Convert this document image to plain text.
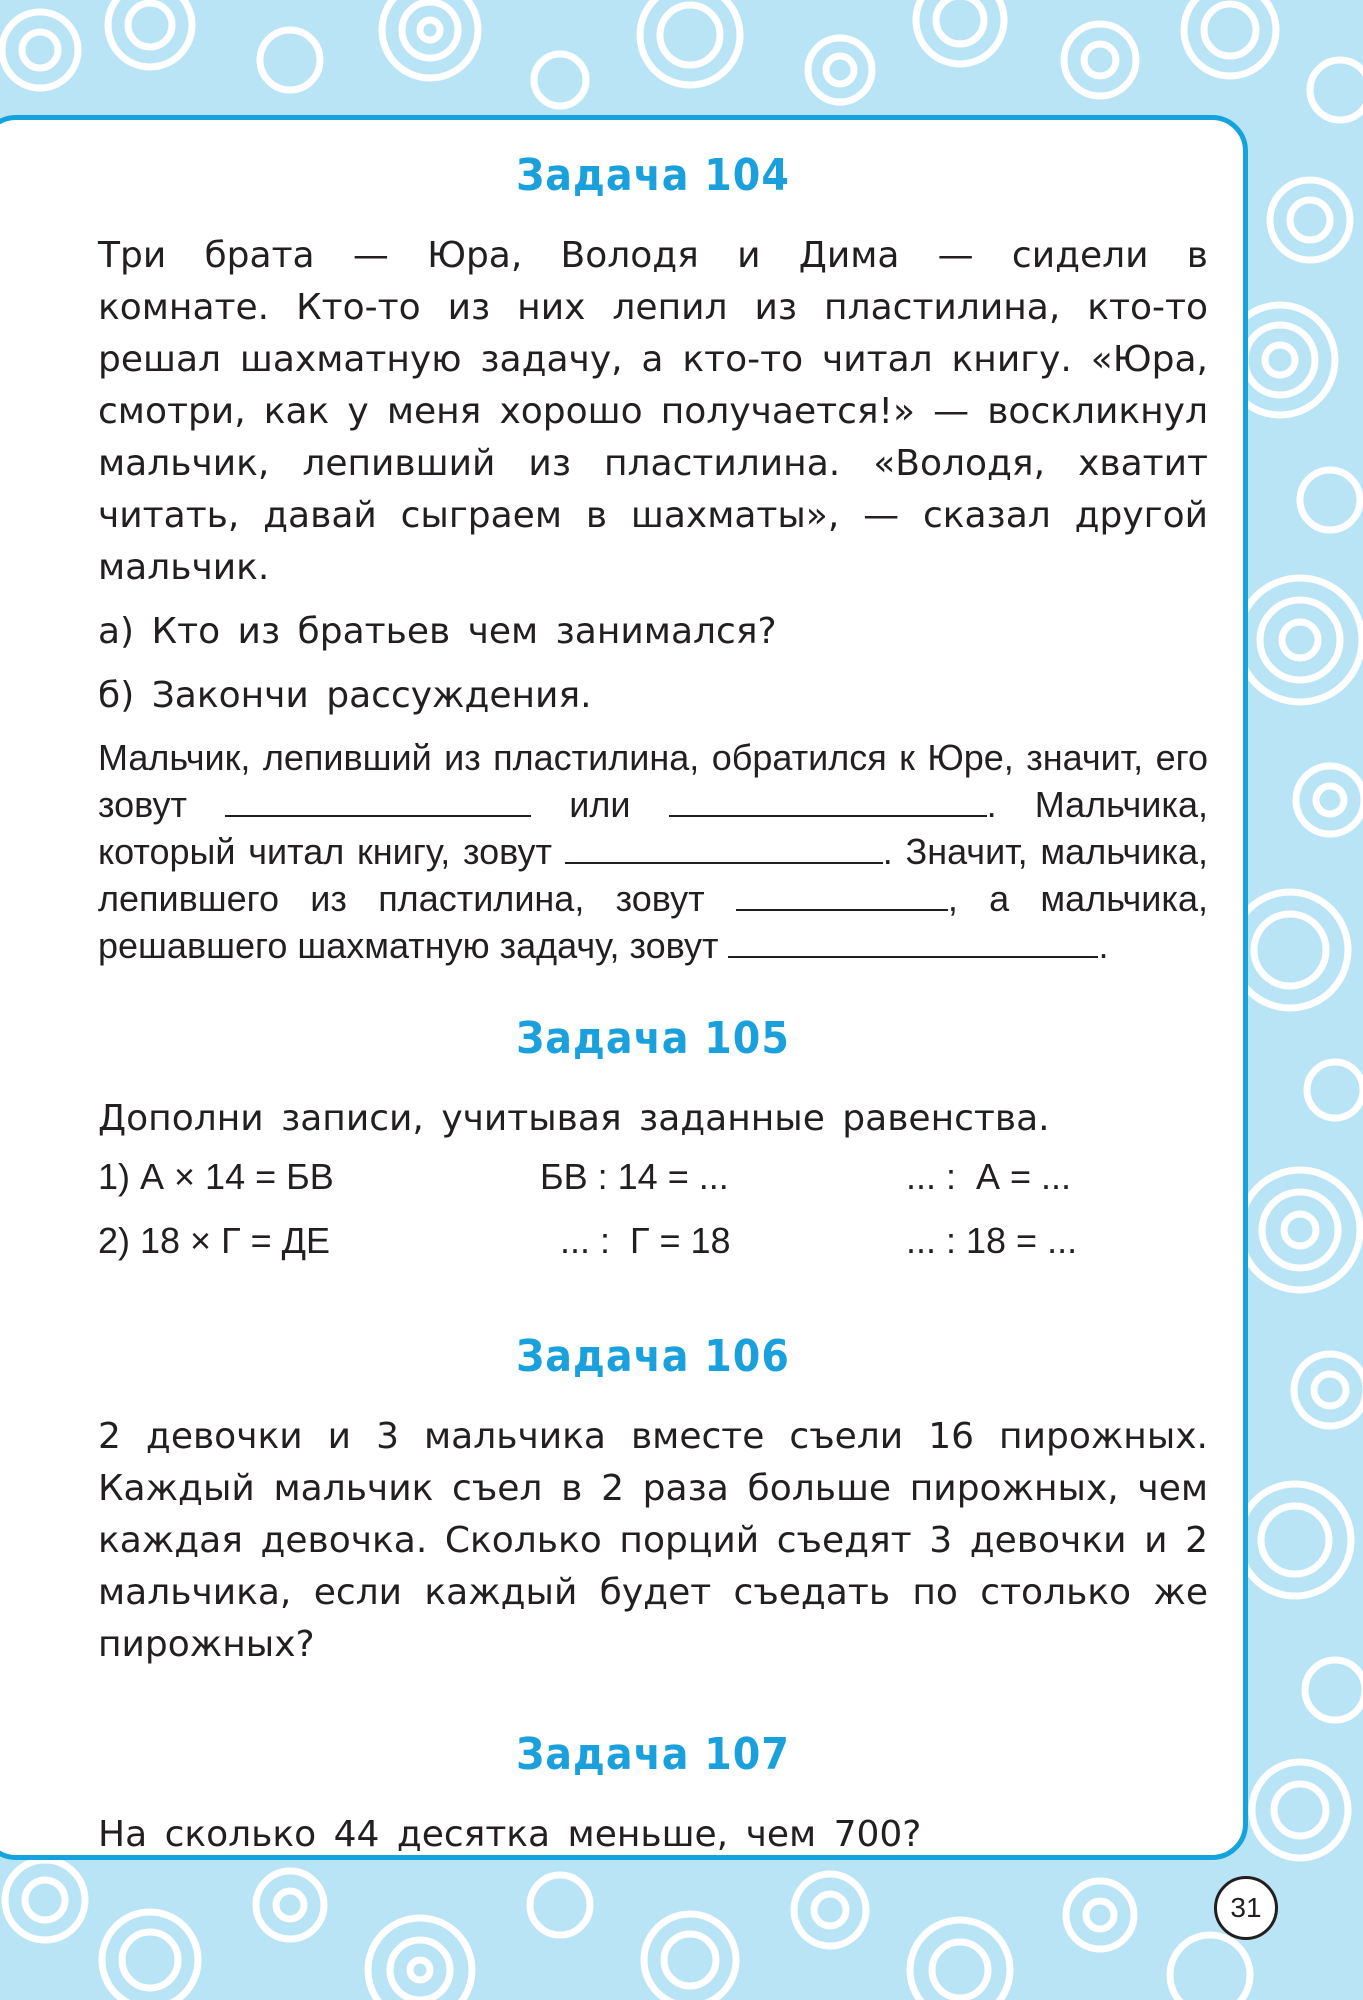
Задача 104

Три брата — Юра, Володя и Дима — сидели в комнате. Кто-то из них лепил из пластилина, кто-то решал шахматную задачу, а кто-то читал книгу. «Юра, смотри, как у меня хорошо получается!» — воскликнул мальчик, лепивший из пластилина. «Володя, хватит читать, давай сыграем в шахматы», — сказал другой мальчик.

а) Кто из братьев чем занимался?

б) Закончи рассуждения.

Мальчик, лепивший из пластилина, обратился к Юре, значит, его зовут	или	. Мальчика, который читал книгу, зовут	. Значит, мальчика, лепившего из пластилина, зовут	, а мальчика, решавшего шахматную задачу, зовут	.
Задача 105

Дополни записи, учитывая заданные равенства.

1) А × 14 = БВ	БВ : 14 = ...	... :  А = ...
2) 18 × Г = ДЕ	... :  Г = 18	... : 18 = ...
Задача 106

2 девочки и 3 мальчика вместе съели 16 пирожных. Каждый мальчик съел в 2 раза больше пирожных, чем каждая девочка. Сколько порций съедят 3 девочки и 2 мальчика, если каждый будет съедать по столько же пирожных?

Задача 107

На сколько 44 десятка меньше, чем 700?

31
